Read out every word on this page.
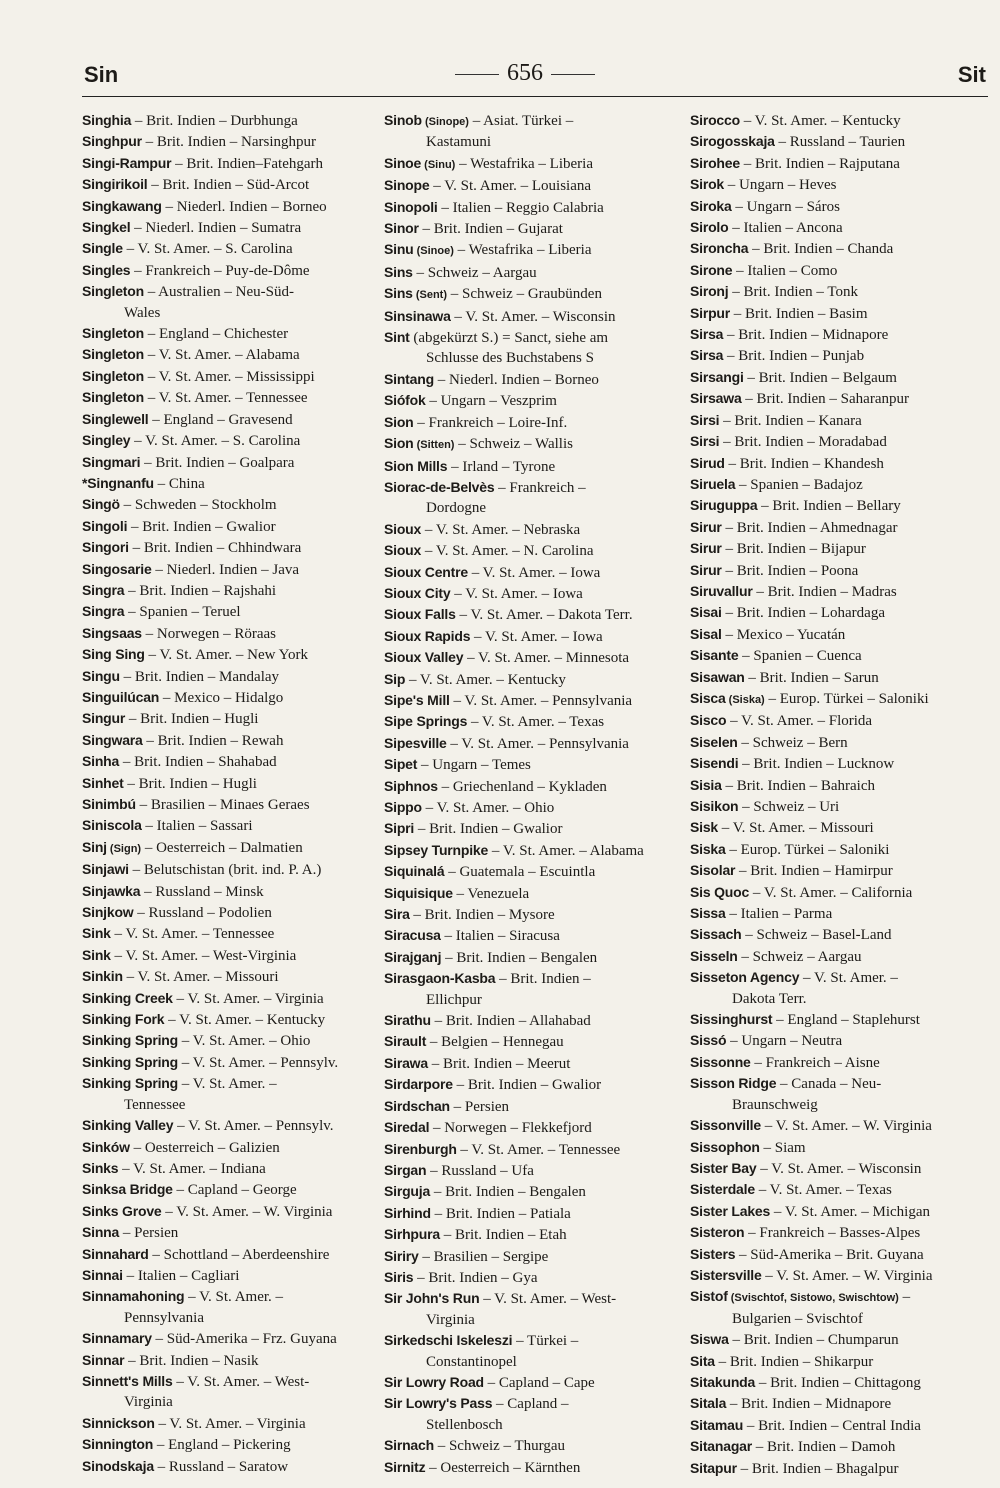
Sin	656	Sit
Singhia – Brit. Indien – Durbhunga
Singhpur – Brit. Indien – Narsinghpur
Singi-Rampur – Brit. Indien–Fatehgarh
Singirikoil – Brit. Indien – Süd-Arcot
Singkawang – Niederl. Indien – Borneo
Singkel – Niederl. Indien – Sumatra
Single – V. St. Amer. – S. Carolina
Singles – Frankreich – Puy-de-Dôme
Singleton – Australien – Neu-Süd-
Wales
Singleton – England – Chichester
Singleton – V. St. Amer. – Alabama
Singleton – V. St. Amer. – Mississippi
Singleton – V. St. Amer. – Tennessee
Singlewell – England – Gravesend
Singley – V. St. Amer. – S. Carolina
Singmari – Brit. Indien – Goalpara
*Singnanfu – China
Singö – Schweden – Stockholm
Singoli – Brit. Indien – Gwalior
Singori – Brit. Indien – Chhindwara
Singosarie – Niederl. Indien – Java
Singra – Brit. Indien – Rajshahi
Singra – Spanien – Teruel
Singsaas – Norwegen – Röraas
Sing Sing – V. St. Amer. – New York
Singu – Brit. Indien – Mandalay
Singuilúcan – Mexico – Hidalgo
Singur – Brit. Indien – Hugli
Singwara – Brit. Indien – Rewah
Sinha – Brit. Indien – Shahabad
Sinhet – Brit. Indien – Hugli
Sinimbú – Brasilien – Minaes Geraes
Siniscola – Italien – Sassari
Sinj (Sign) – Oesterreich – Dalmatien
Sinjawi – Belutschistan (brit. ind. P. A.)
Sinjawka – Russland – Minsk
Sinjkow – Russland – Podolien
Sink – V. St. Amer. – Tennessee
Sink – V. St. Amer. – West-Virginia
Sinkin – V. St. Amer. – Missouri
Sinking Creek – V. St. Amer. – Virginia
Sinking Fork – V. St. Amer. – Kentucky
Sinking Spring – V. St. Amer. – Ohio
Sinking Spring – V. St. Amer. – Pennsylv.
Sinking Spring – V. St. Amer. –
Tennessee
Sinking Valley – V. St. Amer. – Pennsylv.
Sinków – Oesterreich – Galizien
Sinks – V. St. Amer. – Indiana
Sinksa Bridge – Capland – George
Sinks Grove – V. St. Amer. – W. Virginia
Sinna – Persien
Sinnahard – Schottland – Aberdeenshire
Sinnai – Italien – Cagliari
Sinnamahoning – V. St. Amer. –
Pennsylvania
Sinnamary – Süd-Amerika – Frz. Guyana
Sinnar – Brit. Indien – Nasik
Sinnett's Mills – V. St. Amer. – West-
Virginia
Sinnickson – V. St. Amer. – Virginia
Sinnington – England – Pickering
Sinodskaja – Russland – Saratow
Sinob (Sinope) – Asiat. Türkei –
Kastamuni
Sinoe (Sinu) – Westafrika – Liberia
Sinope – V. St. Amer. – Louisiana
Sinopoli – Italien – Reggio Calabria
Sinor – Brit. Indien – Gujarat
Sinu (Sinoe) – Westafrika – Liberia
Sins – Schweiz – Aargau
Sins (Sent) – Schweiz – Graubünden
Sinsinawa – V. St. Amer. – Wisconsin
Sint (abgekürzt S.) = Sanct, siehe am
Schlusse des Buchstabens S
Sintang – Niederl. Indien – Borneo
Siófok – Ungarn – Veszprim
Sion – Frankreich – Loire-Inf.
Sion (Sitten) – Schweiz – Wallis
Sion Mills – Irland – Tyrone
Siorac-de-Belvès – Frankreich –
Dordogne
Sioux – V. St. Amer. – Nebraska
Sioux – V. St. Amer. – N. Carolina
Sioux Centre – V. St. Amer. – Iowa
Sioux City – V. St. Amer. – Iowa
Sioux Falls – V. St. Amer. – Dakota Terr.
Sioux Rapids – V. St. Amer. – Iowa
Sioux Valley – V. St. Amer. – Minnesota
Sip – V. St. Amer. – Kentucky
Sipe's Mill – V. St. Amer. – Pennsylvania
Sipe Springs – V. St. Amer. – Texas
Sipesville – V. St. Amer. – Pennsylvania
Sipet – Ungarn – Temes
Siphnos – Griechenland – Kykladen
Sippo – V. St. Amer. – Ohio
Sipri – Brit. Indien – Gwalior
Sipsey Turnpike – V. St. Amer. – Alabama
Siquinalá – Guatemala – Escuintla
Siquisique – Venezuela
Sira – Brit. Indien – Mysore
Siracusa – Italien – Siracusa
Sirajganj – Brit. Indien – Bengalen
Sirasgaon-Kasba – Brit. Indien –
Ellichpur
Sirathu – Brit. Indien – Allahabad
Sirault – Belgien – Hennegau
Sirawa – Brit. Indien – Meerut
Sirdarpore – Brit. Indien – Gwalior
Sirdschan – Persien
Siredal – Norwegen – Flekkefjord
Sirenburgh – V. St. Amer. – Tennessee
Sirgan – Russland – Ufa
Sirguja – Brit. Indien – Bengalen
Sirhind – Brit. Indien – Patiala
Sirhpura – Brit. Indien – Etah
Siriry – Brasilien – Sergipe
Siris – Brit. Indien – Gya
Sir John's Run – V. St. Amer. – West-
Virginia
Sirkedschi Iskeleszi – Türkei –
Constantinopel
Sir Lowry Road – Capland – Cape
Sir Lowry's Pass – Capland –
Stellenbosch
Sirnach – Schweiz – Thurgau
Sirnitz – Oesterreich – Kärnthen
Sirocco – V. St. Amer. – Kentucky
Sirogosskaja – Russland – Taurien
Sirohee – Brit. Indien – Rajputana
Sirok – Ungarn – Heves
Siroka – Ungarn – Sáros
Sirolo – Italien – Ancona
Sironcha – Brit. Indien – Chanda
Sirone – Italien – Como
Sironj – Brit. Indien – Tonk
Sirpur – Brit. Indien – Basim
Sirsa – Brit. Indien – Midnapore
Sirsa – Brit. Indien – Punjab
Sirsangi – Brit. Indien – Belgaum
Sirsawa – Brit. Indien – Saharanpur
Sirsi – Brit. Indien – Kanara
Sirsi – Brit. Indien – Moradabad
Sirud – Brit. Indien – Khandesh
Siruela – Spanien – Badajoz
Siruguppa – Brit. Indien – Bellary
Sirur – Brit. Indien – Ahmednagar
Sirur – Brit. Indien – Bijapur
Sirur – Brit. Indien – Poona
Siruvallur – Brit. Indien – Madras
Sisai – Brit. Indien – Lohardaga
Sisal – Mexico – Yucatán
Sisante – Spanien – Cuenca
Sisawan – Brit. Indien – Sarun
Sisca (Siska) – Europ. Türkei – Saloniki
Sisco – V. St. Amer. – Florida
Siselen – Schweiz – Bern
Sisendi – Brit. Indien – Lucknow
Sisia – Brit. Indien – Bahraich
Sisikon – Schweiz – Uri
Sisk – V. St. Amer. – Missouri
Siska – Europ. Türkei – Saloniki
Sisolar – Brit. Indien – Hamirpur
Sis Quoc – V. St. Amer. – California
Sissa – Italien – Parma
Sissach – Schweiz – Basel-Land
Sisseln – Schweiz – Aargau
Sisseton Agency – V. St. Amer. –
Dakota Terr.
Sissinghurst – England – Staplehurst
Sissó – Ungarn – Neutra
Sissonne – Frankreich – Aisne
Sisson Ridge – Canada – Neu-
Braunschweig
Sissonville – V. St. Amer. – W. Virginia
Sissophon – Siam
Sister Bay – V. St. Amer. – Wisconsin
Sisterdale – V. St. Amer. – Texas
Sister Lakes – V. St. Amer. – Michigan
Sisteron – Frankreich – Basses-Alpes
Sisters – Süd-Amerika – Brit. Guyana
Sistersville – V. St. Amer. – W. Virginia
Sistof (Svischtof, Sistowo, Swischtow) –
Bulgarien – Svischtof
Siswa – Brit. Indien – Chumparun
Sita – Brit. Indien – Shikarpur
Sitakunda – Brit. Indien – Chittagong
Sitala – Brit. Indien – Midnapore
Sitamau – Brit. Indien – Central India
Sitanagar – Brit. Indien – Damoh
Sitapur – Brit. Indien – Bhagalpur
